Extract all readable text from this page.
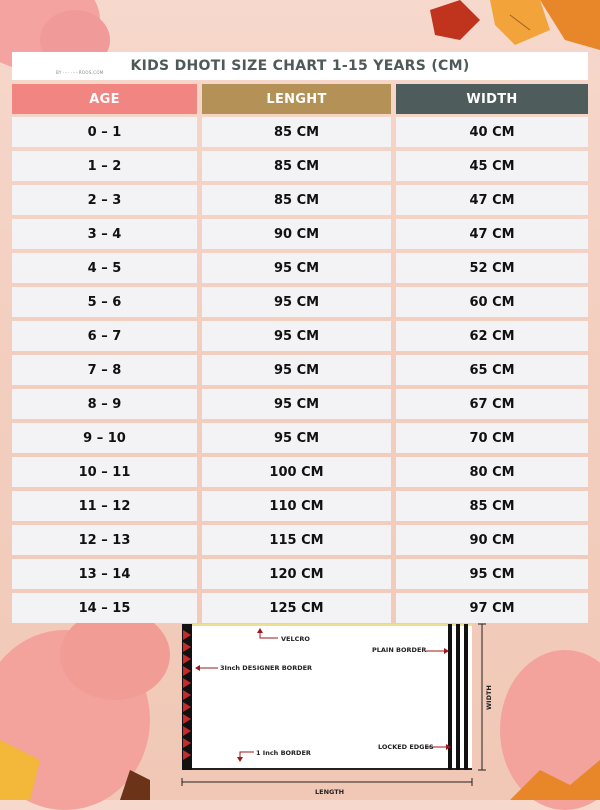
BY ···· ·····ROOS.COM KIDS DHOTI SIZE CHART 1-15 YEARS (CM)
AGE	LENGHT	WIDTH
0 – 1	85 CM	40 CM
1 – 2	85 CM	45 CM
2 – 3	85 CM	47 CM
3 – 4	90 CM	47 CM
4 – 5	95 CM	52 CM
5 – 6	95 CM	60 CM
6 – 7	95 CM	62 CM
7 – 8	95 CM	65 CM
8 – 9	95 CM	67 CM
9 – 10	95 CM	70 CM
10 – 11	100 CM	80 CM
11 – 12	110 CM	85 CM
12 – 13	115 CM	90 CM
13 – 14	120 CM	95 CM
14 – 15	125 CM	97 CM
VELCRO
3Inch DESIGNER BORDER
PLAIN BORDER
1 Inch BORDER
LOCKED EDGES
LENGTH
WIDTH
